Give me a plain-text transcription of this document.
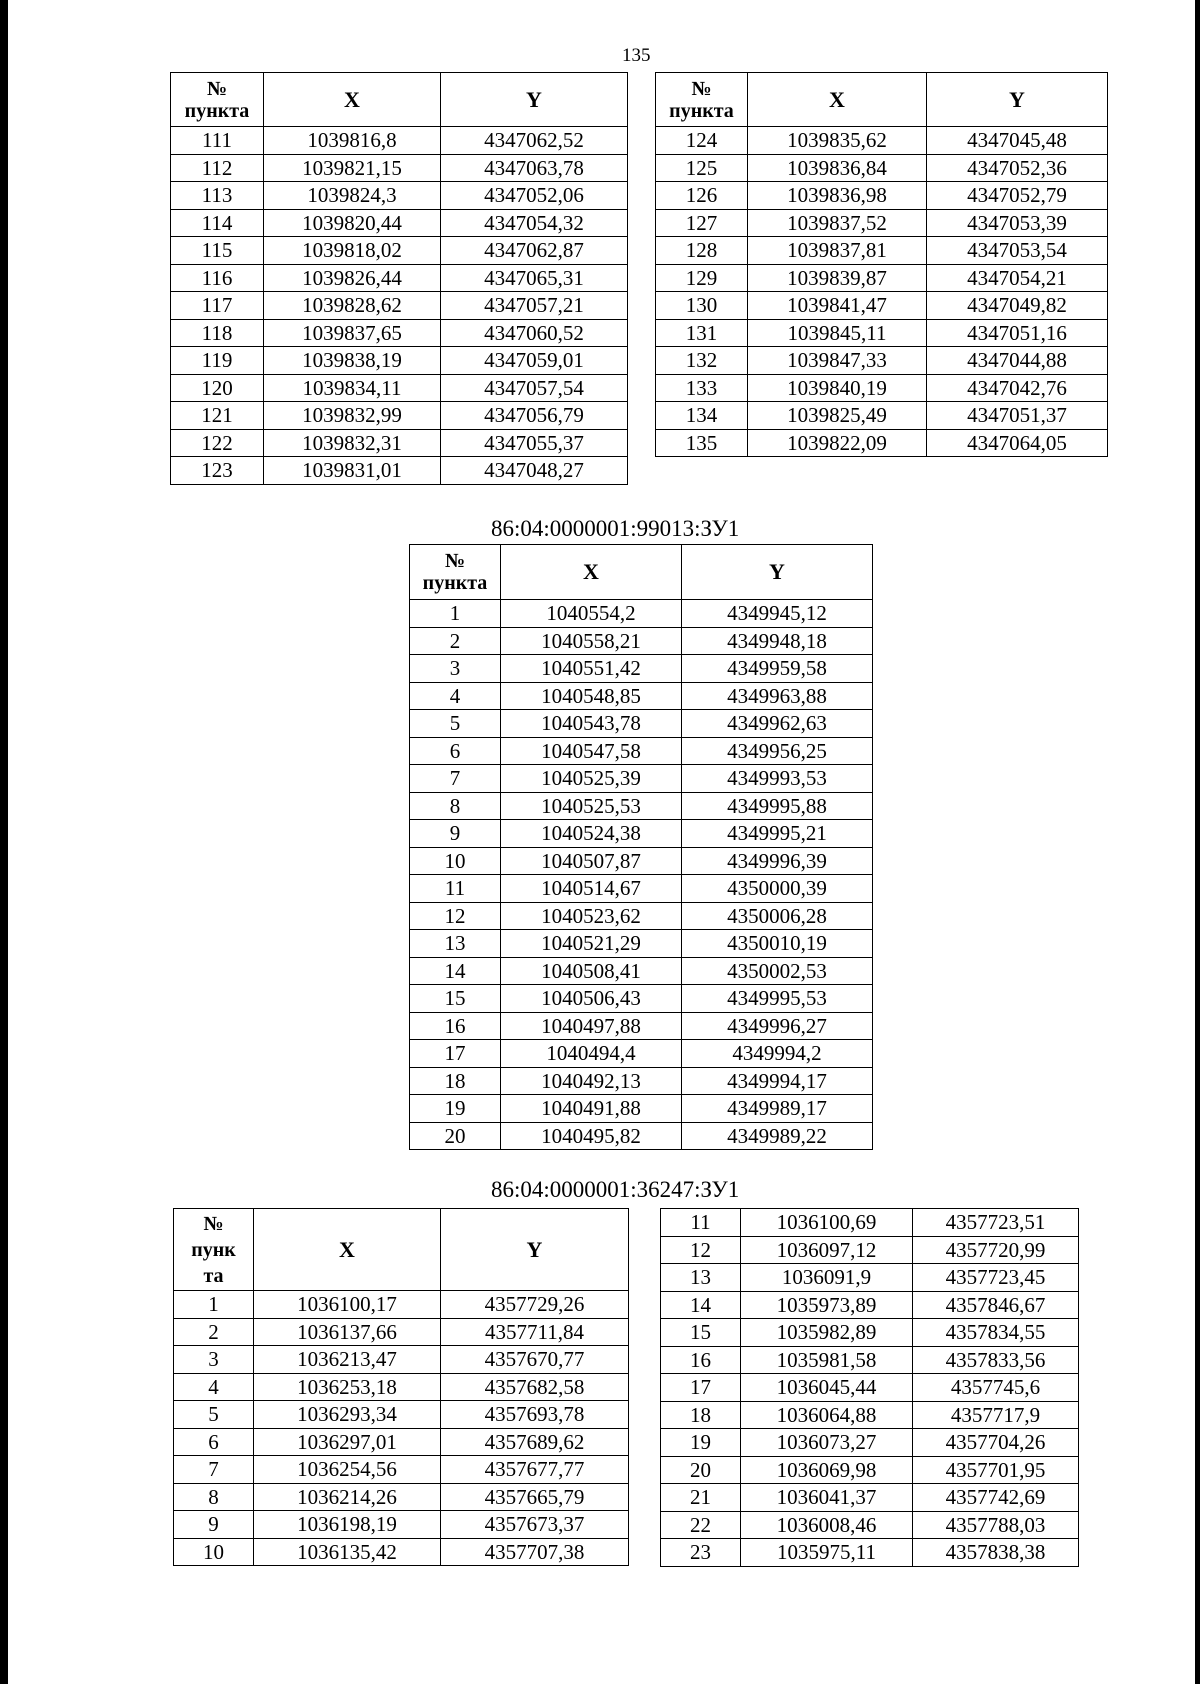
135
№
пункта	X	Y
111	1039816,8	4347062,52
112	1039821,15	4347063,78
113	1039824,3	4347052,06
114	1039820,44	4347054,32
115	1039818,02	4347062,87
116	1039826,44	4347065,31
117	1039828,62	4347057,21
118	1039837,65	4347060,52
119	1039838,19	4347059,01
120	1039834,11	4347057,54
121	1039832,99	4347056,79
122	1039832,31	4347055,37
123	1039831,01	4347048,27
№
пункта	X	Y
124	1039835,62	4347045,48
125	1039836,84	4347052,36
126	1039836,98	4347052,79
127	1039837,52	4347053,39
128	1039837,81	4347053,54
129	1039839,87	4347054,21
130	1039841,47	4347049,82
131	1039845,11	4347051,16
132	1039847,33	4347044,88
133	1039840,19	4347042,76
134	1039825,49	4347051,37
135	1039822,09	4347064,05
86:04:0000001:99013:ЗУ1
№
пункта	X	Y
1	1040554,2	4349945,12
2	1040558,21	4349948,18
3	1040551,42	4349959,58
4	1040548,85	4349963,88
5	1040543,78	4349962,63
6	1040547,58	4349956,25
7	1040525,39	4349993,53
8	1040525,53	4349995,88
9	1040524,38	4349995,21
10	1040507,87	4349996,39
11	1040514,67	4350000,39
12	1040523,62	4350006,28
13	1040521,29	4350010,19
14	1040508,41	4350002,53
15	1040506,43	4349995,53
16	1040497,88	4349996,27
17	1040494,4	4349994,2
18	1040492,13	4349994,17
19	1040491,88	4349989,17
20	1040495,82	4349989,22
86:04:0000001:36247:ЗУ1
№
пунк
та	X	Y
1	1036100,17	4357729,26
2	1036137,66	4357711,84
3	1036213,47	4357670,77
4	1036253,18	4357682,58
5	1036293,34	4357693,78
6	1036297,01	4357689,62
7	1036254,56	4357677,77
8	1036214,26	4357665,79
9	1036198,19	4357673,37
10	1036135,42	4357707,38
11	1036100,69	4357723,51
12	1036097,12	4357720,99
13	1036091,9	4357723,45
14	1035973,89	4357846,67
15	1035982,89	4357834,55
16	1035981,58	4357833,56
17	1036045,44	4357745,6
18	1036064,88	4357717,9
19	1036073,27	4357704,26
20	1036069,98	4357701,95
21	1036041,37	4357742,69
22	1036008,46	4357788,03
23	1035975,11	4357838,38
